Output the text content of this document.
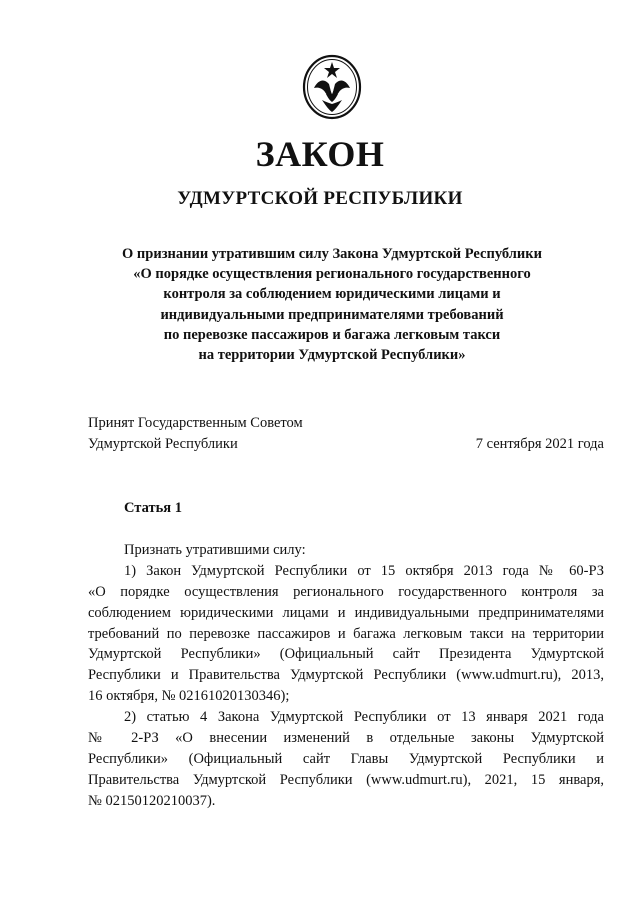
ЗАКОН
УДМУРТСКОЙ РЕСПУБЛИКИ
О признании утратившим силу Закона Удмуртской Республики
«О порядке осуществления регионального государственного
контроля за соблюдением юридическими лицами и
индивидуальными предпринимателями требований
по перевозке пассажиров и багажа легковым такси
на территории Удмуртской Республики»
Принят Государственным Советом
Удмуртской Республики	7 сентября 2021 года
Статья 1
Признать утратившими силу:
1) Закон Удмуртской Республики от 15 октября 2013 года № 60-РЗ
«О порядке осуществления регионального государственного контроля за
соблюдением юридическими лицами и индивидуальными предпринимателями
требований по перевозке пассажиров и багажа легковым такси на территории
Удмуртской Республики» (Официальный сайт Президента Удмуртской
Республики и Правительства Удмуртской Республики (www.udmurt.ru), 2013,
16 октября, № 02161020130346);
2) статью 4 Закона Удмуртской Республики от 13 января 2021 года
№ 2-РЗ «О внесении изменений в отдельные законы Удмуртской
Республики» (Официальный сайт Главы Удмуртской Республики и
Правительства Удмуртской Республики (www.udmurt.ru), 2021, 15 января,
№ 02150120210037).
